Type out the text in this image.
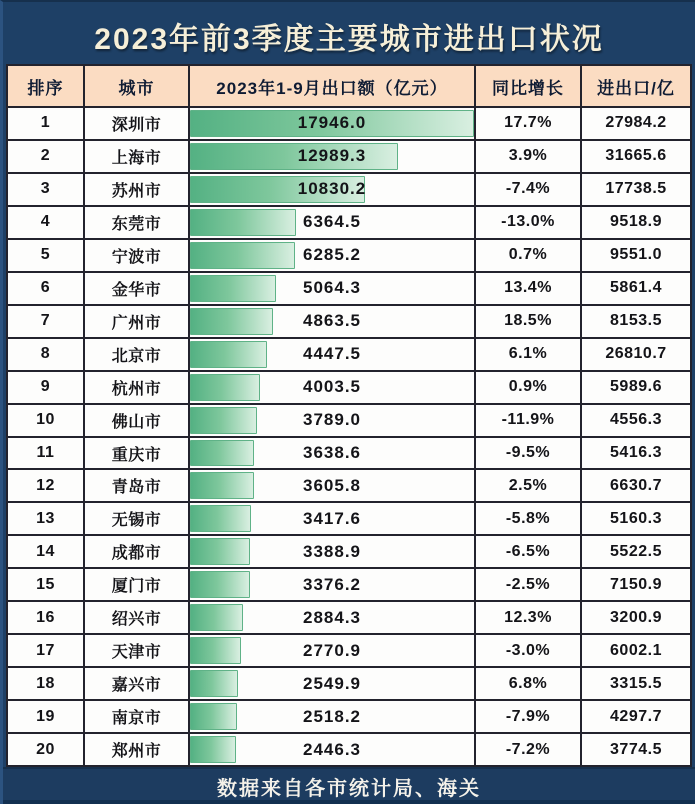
2023年前3季度主要城市进出口状况
排序	城市	2023年1-9月出口额（亿元）	同比增长	进出口/亿
1	深圳市	17946.0	17.7%	27984.2
2	上海市	12989.3	3.9%	31665.6
3	苏州市	10830.2	-7.4%	17738.5
4	东莞市	6364.5	-13.0%	9518.9
5	宁波市	6285.2	0.7%	9551.0
6	金华市	5064.3	13.4%	5861.4
7	广州市	4863.5	18.5%	8153.5
8	北京市	4447.5	6.1%	26810.7
9	杭州市	4003.5	0.9%	5989.6
10	佛山市	3789.0	-11.9%	4556.3
11	重庆市	3638.6	-9.5%	5416.3
12	青岛市	3605.8	2.5%	6630.7
13	无锡市	3417.6	-5.8%	5160.3
14	成都市	3388.9	-6.5%	5522.5
15	厦门市	3376.2	-2.5%	7150.9
16	绍兴市	2884.3	12.3%	3200.9
17	天津市	2770.9	-3.0%	6002.1
18	嘉兴市	2549.9	6.8%	3315.5
19	南京市	2518.2	-7.9%	4297.7
20	郑州市	2446.3	-7.2%	3774.5
数据来自各市统计局、海关
